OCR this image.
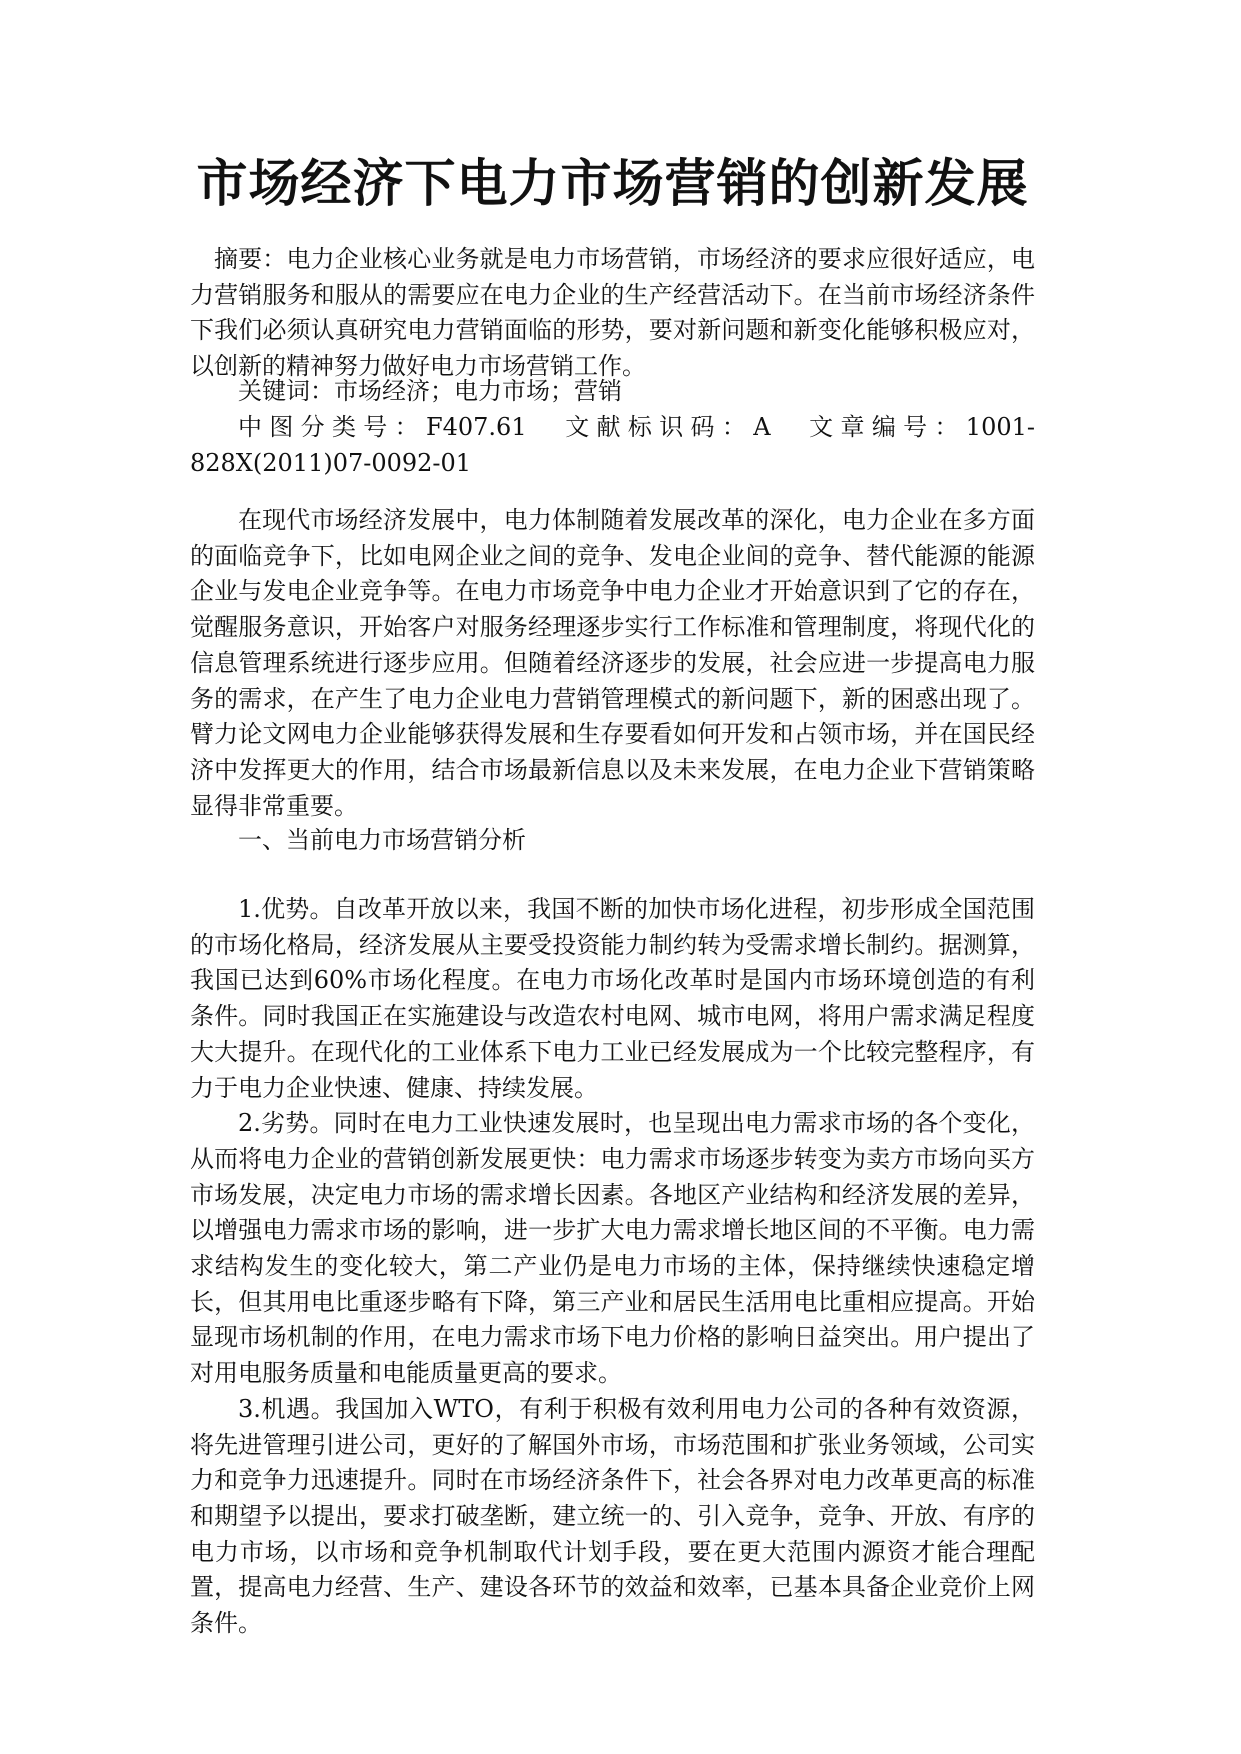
市场经济下电力市场营销的创新发展

摘要：电力企业核心业务就是电力市场营销，市场经济的要求应很好适应，电力营销服务和服从的需要应在电力企业的生产经营活动下。在当前市场经济条件下我们必须认真研究电力营销面临的形势，要对新问题和新变化能够积极应对，以创新的精神努力做好电力市场营销工作。

关键词：市场经济；电力市场；营销

中图分类号：F407.61　文献标识码：A　文章编号：1001-828X(2011)07-0092-01

在现代市场经济发展中，电力体制随着发展改革的深化，电力企业在多方面的面临竞争下，比如电网企业之间的竞争、发电企业间的竞争、替代能源的能源企业与发电企业竞争等。在电力市场竞争中电力企业才开始意识到了它的存在，觉醒服务意识，开始客户对服务经理逐步实行工作标准和管理制度，将现代化的信息管理系统进行逐步应用。但随着经济逐步的发展，社会应进一步提高电力服务的需求，在产生了电力企业电力营销管理模式的新问题下，新的困惑出现了。臂力论文网电力企业能够获得发展和生存要看如何开发和占领市场，并在国民经济中发挥更大的作用，结合市场最新信息以及未来发展，在电力企业下营销策略显得非常重要。

一、当前电力市场营销分析

1.优势。自改革开放以来，我国不断的加快市场化进程，初步形成全国范围的市场化格局，经济发展从主要受投资能力制约转为受需求增长制约。据测算，我国已达到60%市场化程度。在电力市场化改革时是国内市场环境创造的有利条件。同时我国正在实施建设与改造农村电网、城市电网，将用户需求满足程度大大提升。在现代化的工业体系下电力工业已经发展成为一个比较完整程序，有力于电力企业快速、健康、持续发展。

2.劣势。同时在电力工业快速发展时，也呈现出电力需求市场的各个变化，从而将电力企业的营销创新发展更快：电力需求市场逐步转变为卖方市场向买方市场发展，决定电力市场的需求增长因素。各地区产业结构和经济发展的差异，以增强电力需求市场的影响，进一步扩大电力需求增长地区间的不平衡。电力需求结构发生的变化较大，第二产业仍是电力市场的主体，保持继续快速稳定增长，但其用电比重逐步略有下降，第三产业和居民生活用电比重相应提高。开始显现市场机制的作用，在电力需求市场下电力价格的影响日益突出。用户提出了对用电服务质量和电能质量更高的要求。

3.机遇。我国加入WTO，有利于积极有效利用电力公司的各种有效资源，将先进管理引进公司，更好的了解国外市场，市场范围和扩张业务领域，公司实力和竞争力迅速提升。同时在市场经济条件下，社会各界对电力改革更高的标准和期望予以提出，要求打破垄断，建立统一的、引入竞争，竞争、开放、有序的电力市场，以市场和竞争机制取代计划手段，要在更大范围内源资才能合理配置，提高电力经营、生产、建设各环节的效益和效率，已基本具备企业竞价上网条件。
